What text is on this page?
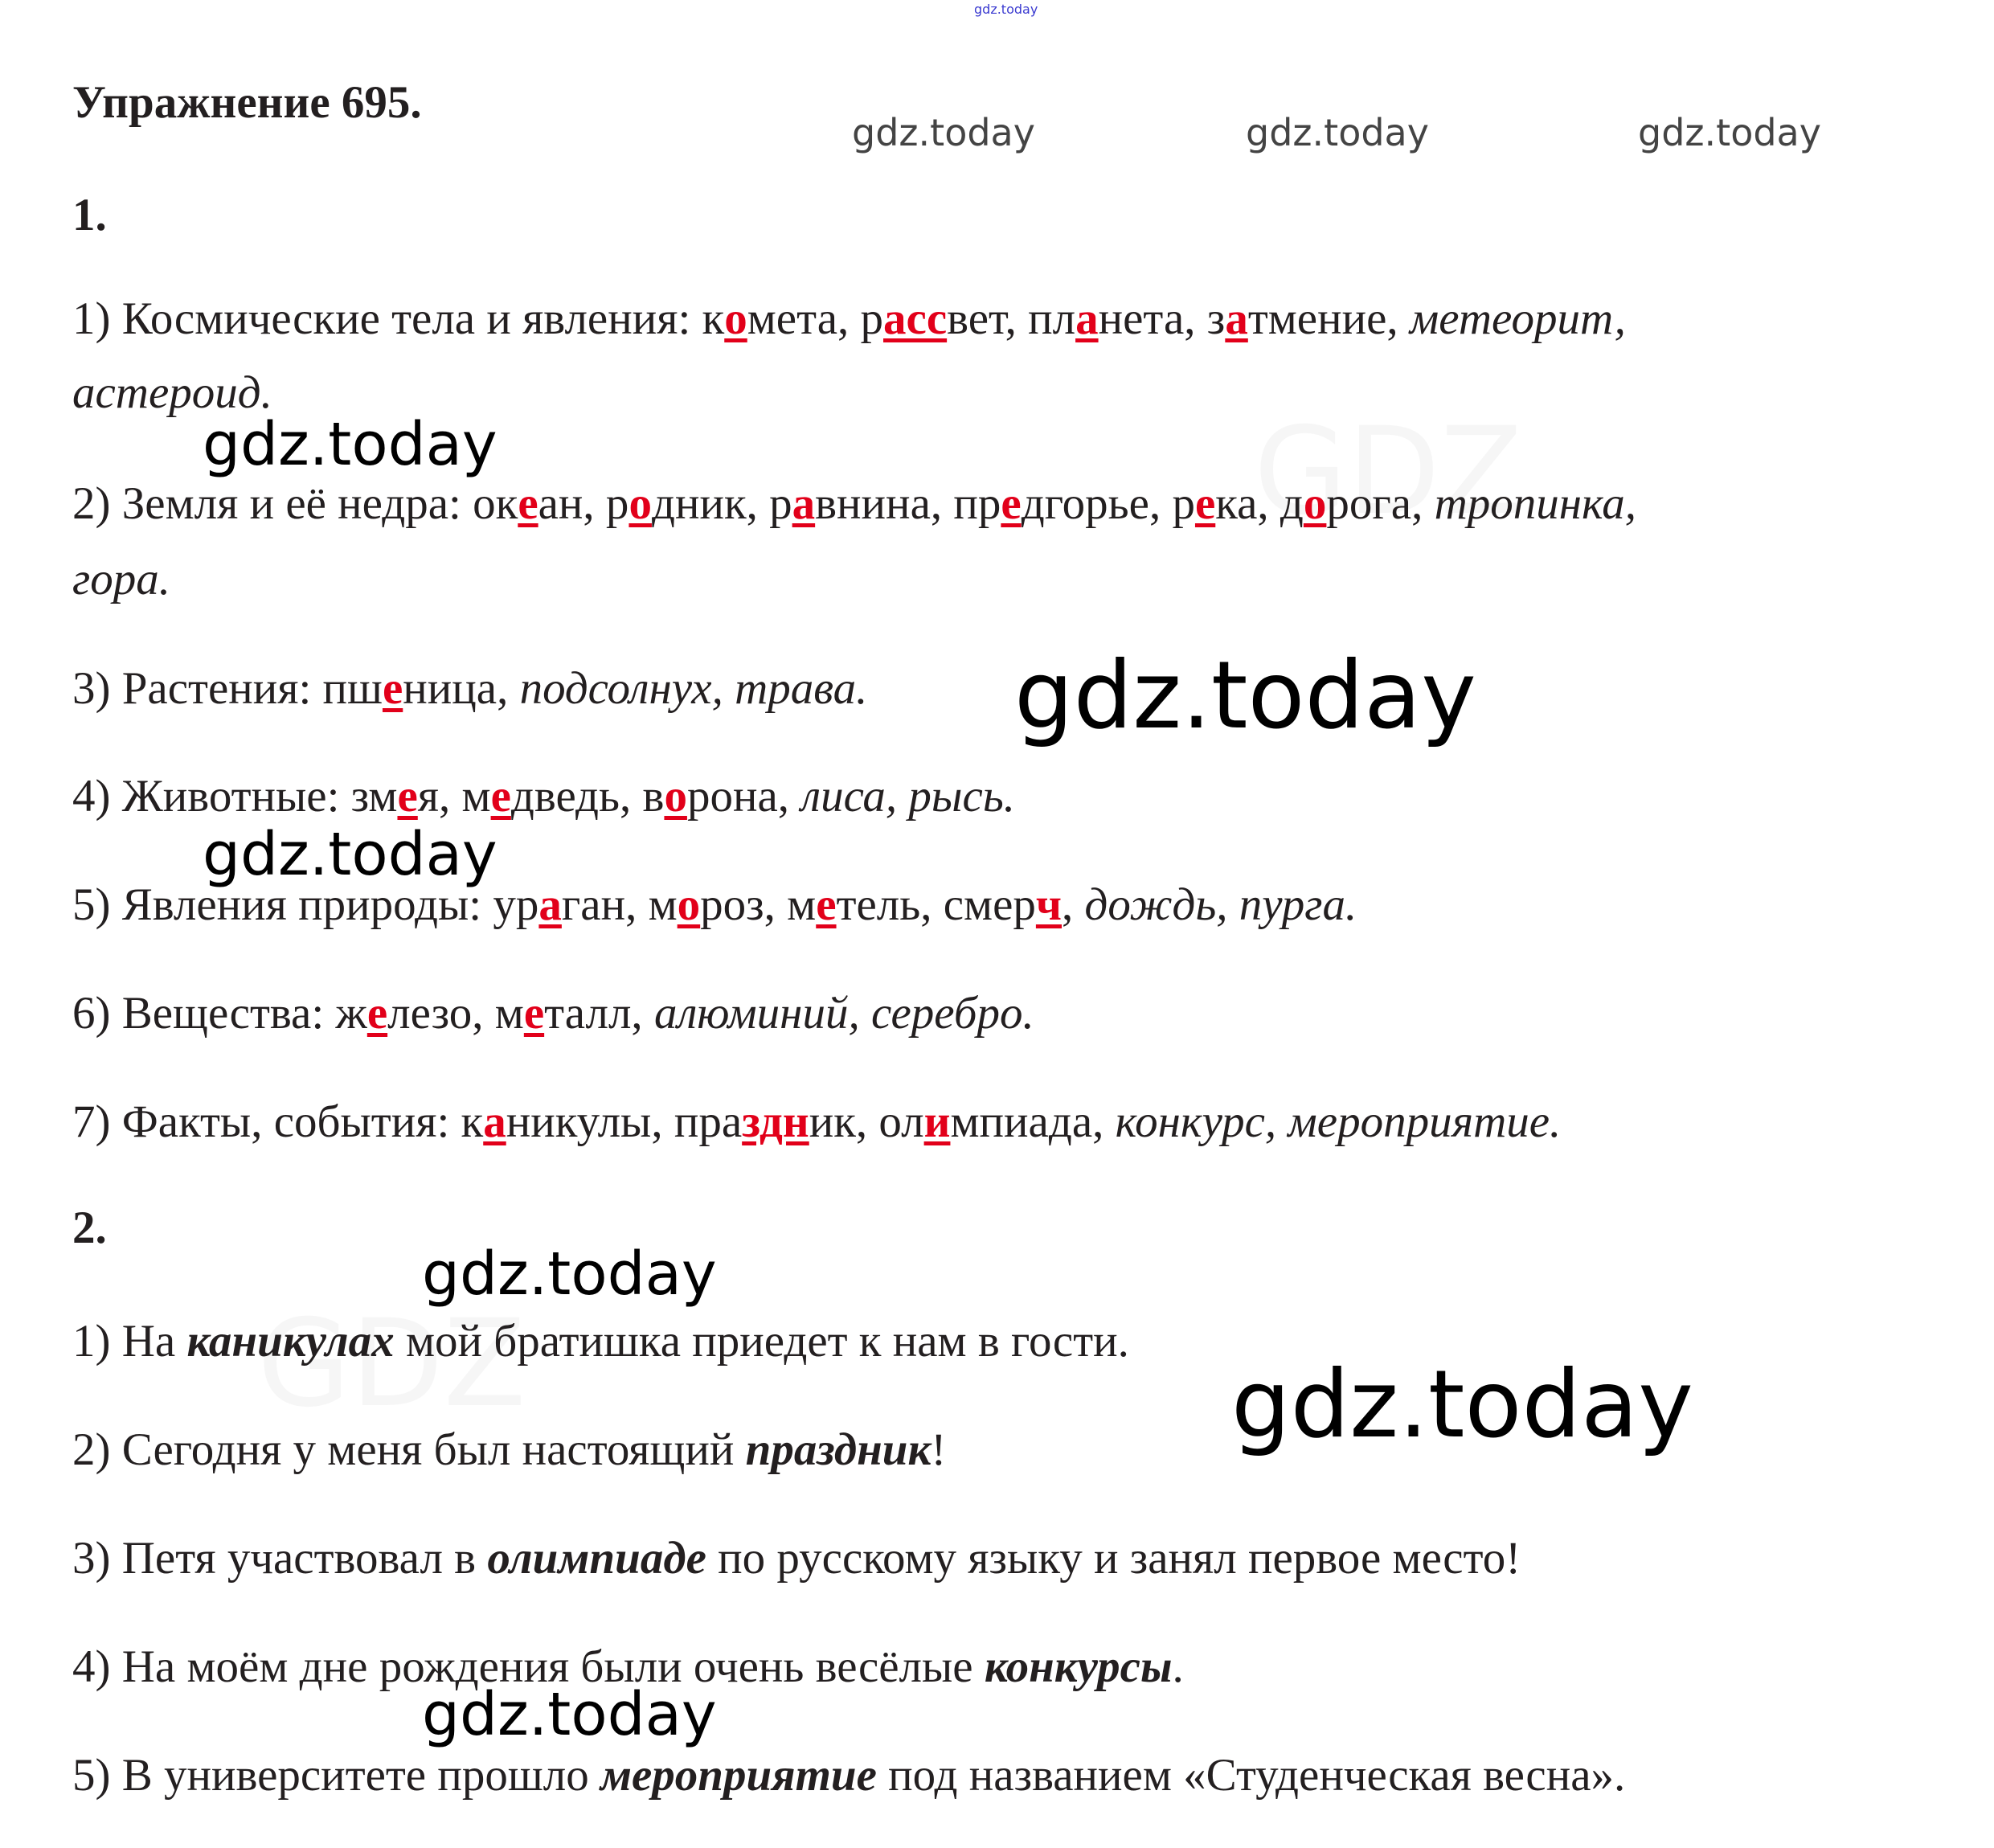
gdz.today
gdz.today	gdz.today	gdz.today
gdz.today
gdz.today
gdz.today
gdz.today
gdz.today
gdz.today
Упражнение 695.
1.
2.
1) Космические тела и явления: комета, рассвет, планета, затмение, метеорит,
астероид.
2) Земля и её недра: океан, родник, равнина, предгорье, река, дорога, тропинка,
гора.
3) Растения: пшеница, подсолнух, трава.
4) Животные: змея, медведь, ворона, лиса, рысь.
5) Явления природы: ураган, мороз, метель, смерч, дождь, пурга.
6) Вещества: железо, металл, алюминий, серебро.
7) Факты, события: каникулы, праздник, олимпиада, конкурс, мероприятие.
1) На каникулах мой братишка приедет к нам в гости.
2) Сегодня у меня был настоящий праздник!
3) Петя участвовал в олимпиаде по русскому языку и занял первое место!
4) На моём дне рождения были очень весёлые конкурсы.
5) В университете прошло мероприятие под названием «Студенческая весна».
